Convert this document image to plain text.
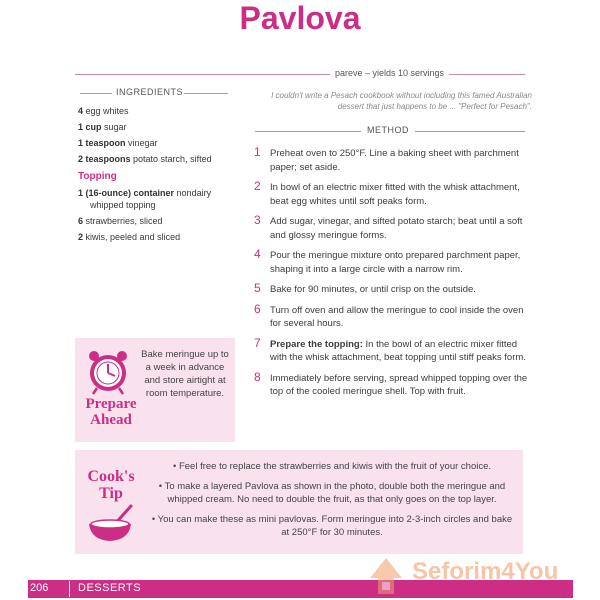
Pavlova
pareve – yields 10 servings
INGREDIENTS
4 egg whites
1 cup sugar
1 teaspoon vinegar
2 teaspoons potato starch, sifted
Topping
1 (16-ounce) container nondairy
whipped topping
6 strawberries, sliced
2 kiwis, peeled and sliced
I couldn't write a Pesach cookbook without including this famed Australian dessert that just happens to be ... "Perfect for Pesach".
METHOD
1 Preheat oven to 250°F. Line a baking sheet with parchment paper; set aside.
2 In bowl of an electric mixer fitted with the whisk attachment, beat egg whites until soft peaks form.
3 Add sugar, vinegar, and sifted potato starch; beat until a soft and glossy meringue forms.
4 Pour the meringue mixture onto prepared parchment paper, shaping it into a large circle with a narrow rim.
5 Bake for 90 minutes, or until crisp on the outside.
6 Turn off oven and allow the meringue to cool inside the oven for several hours.
7 Prepare the topping: In the bowl of an electric mixer fitted with the whisk attachment, beat topping until stiff peaks form.
8 Immediately before serving, spread whipped topping over the top of the cooled meringue shell. Top with fruit.
Prepare
Ahead
Bake meringue up to a week in advance and store airtight at room temperature.
Cook's
Tip
• Feel free to replace the strawberries and kiwis with the fruit of your choice.
• To make a layered Pavlova as shown in the photo, double both the meringue and whipped cream. No need to double the fruit, as that only goes on the top layer.
• You can make these as mini pavlovas. Form meringue into 2-3-inch circles and bake at 250°F for 30 minutes.
206	DESSERTS
Seforim4You
